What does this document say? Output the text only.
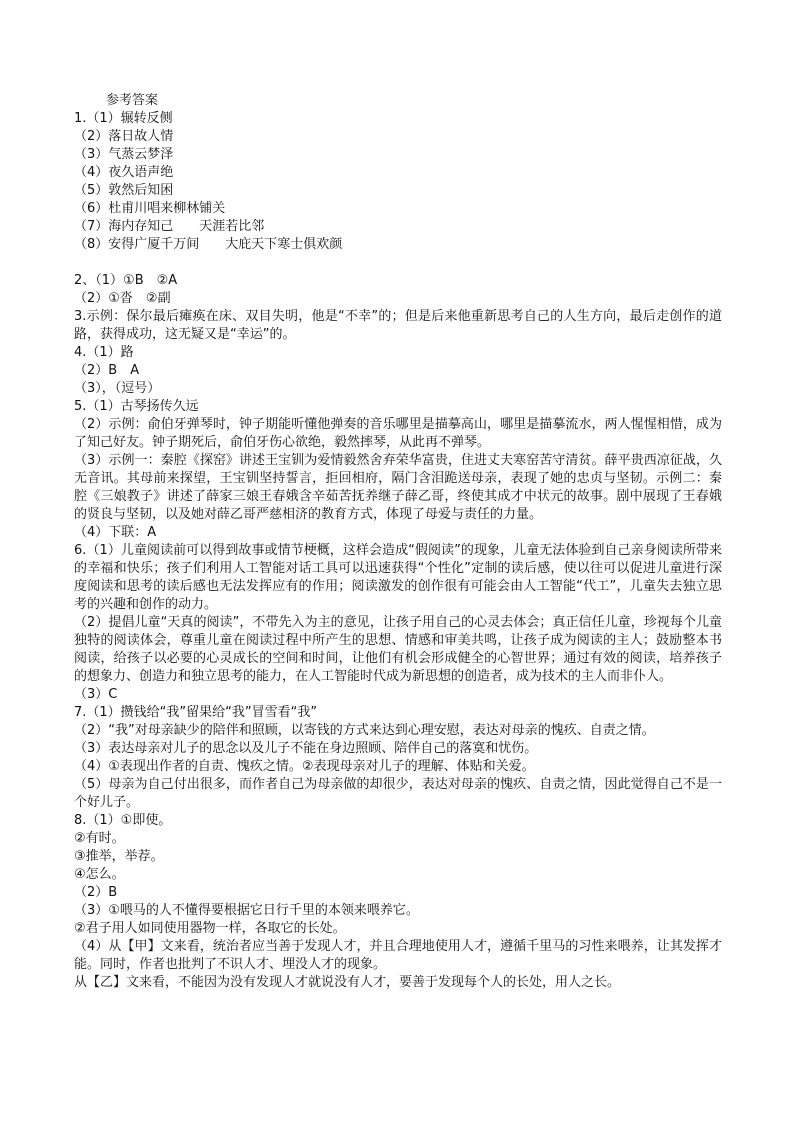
参考答案
1.（1）辗转反侧
（2）落日故人情
（3）气蒸云梦泽
（4）夜久语声绝
（5）敦然后知困
（6）杜甫川唱来柳林铺关
（7）海内存知己　　天涯若比邻
（8）安得广厦千万间　　大庇天下寒士俱欢颜
2、（1）①B　②A
（2）①沓　②副
3.示例：保尔最后瘫痪在床、双目失明，他是“不幸”的；但是后来他重新思考自己的人生方向，最后走创作的道路，获得成功，这无疑又是“幸运”的。
4.（1）路
（2）B　A
（3），（逗号）
5.（1）古琴扬传久远
（2）示例：俞伯牙弹琴时，钟子期能听懂他弹奏的音乐哪里是描摹高山，哪里是描摹流水，两人惺惺相惜，成为了知己好友。钟子期死后，俞伯牙伤心欲绝，毅然摔琴，从此再不弹琴。
（3）示例一：秦腔《探窑》讲述王宝钏为爱情毅然舍弃荣华富贵，住进丈夫寒窑苦守清贫。薛平贵西凉征战，久无音讯。其母前来探望，王宝钏坚持誓言，拒回相府，隔门含泪跪送母亲，表现了她的忠贞与坚韧。示例二：秦腔《三娘教子》讲述了薛家三娘王春娥含辛茹苦抚养继子薛乙哥，终使其成才中状元的故事。剧中展现了王春娥的贤良与坚韧，以及她对薛乙哥严慈相济的教育方式，体现了母爱与责任的力量。
（4）下联：A
6.（1）儿童阅读前可以得到故事或情节梗概，这样会造成“假阅读”的现象，儿童无法体验到自己亲身阅读所带来的幸福和快乐；孩子们利用人工智能对话工具可以迅速获得“个性化”定制的读后感，使以往可以促进儿童进行深度阅读和思考的读后感也无法发挥应有的作用；阅读激发的创作很有可能会由人工智能“代工”，儿童失去独立思考的兴趣和创作的动力。
（2）提倡儿童“天真的阅读”，不带先入为主的意见，让孩子用自己的心灵去体会；真正信任儿童，珍视每个儿童独特的阅读体会，尊重儿童在阅读过程中所产生的思想、情感和审美共鸣，让孩子成为阅读的主人；鼓励整本书阅读，给孩子以必要的心灵成长的空间和时间，让他们有机会形成健全的心智世界；通过有效的阅读，培养孩子的想象力、创造力和独立思考的能力，在人工智能时代成为新思想的创造者，成为技术的主人而非仆人。
（3）C
7.（1）攒钱给“我”留果给“我”冒雪看“我”
（2）“我”对母亲缺少的陪伴和照顾，以寄钱的方式来达到心理安慰，表达对母亲的愧疚、自责之情。
（3）表达母亲对儿子的思念以及儿子不能在身边照顾、陪伴自己的落寞和忧伤。
（4）①表现出作者的自责、愧疚之情。②表现母亲对儿子的理解、体贴和关爱。
（5）母亲为自己付出很多，而作者自己为母亲做的却很少，表达对母亲的愧疚、自责之情，因此觉得自己不是一个好儿子。
8.（1）①即使。
②有时。
③推举，举荐。
④怎么。
（2）B
（3）①喂马的人不懂得要根据它日行千里的本领来喂养它。
②君子用人如同使用器物一样，各取它的长处。
（4）从【甲】文来看，统治者应当善于发现人才，并且合理地使用人才，遵循千里马的习性来喂养，让其发挥才能。同时，作者也批判了不识人才、埋没人才的现象。
从【乙】文来看，不能因为没有发现人才就说没有人才，要善于发现每个人的长处，用人之长。
